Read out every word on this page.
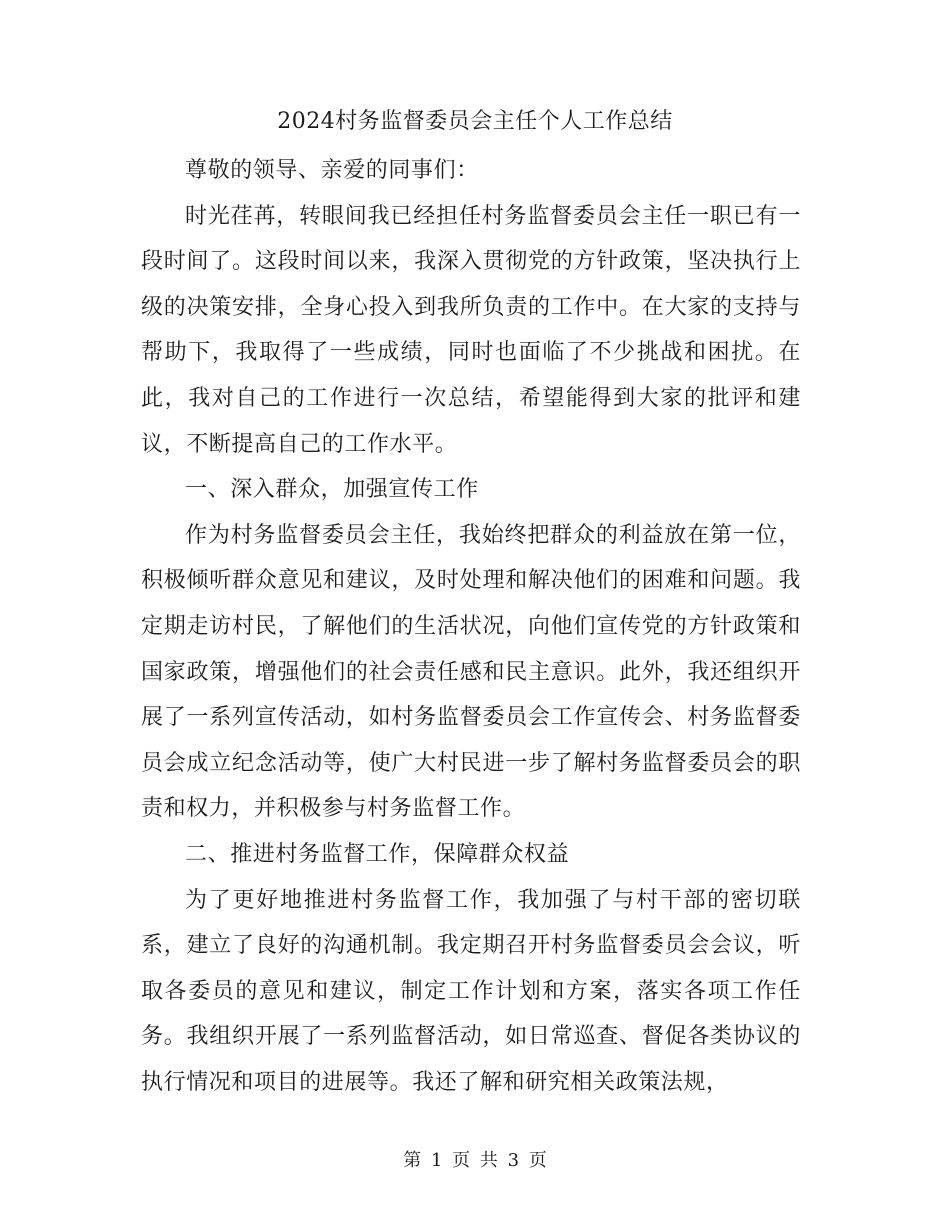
2024村务监督委员会主任个人工作总结

尊敬的领导、亲爱的同事们：

时光荏苒，转眼间我已经担任村务监督委员会主任一职已有一段时间了。这段时间以来，我深入贯彻党的方针政策，坚决执行上级的决策安排，全身心投入到我所负责的工作中。在大家的支持与帮助下，我取得了一些成绩，同时也面临了不少挑战和困扰。在此，我对自己的工作进行一次总结，希望能得到大家的批评和建议，不断提高自己的工作水平。

一、深入群众，加强宣传工作

作为村务监督委员会主任，我始终把群众的利益放在第一位，积极倾听群众意见和建议，及时处理和解决他们的困难和问题。我定期走访村民，了解他们的生活状况，向他们宣传党的方针政策和国家政策，增强他们的社会责任感和民主意识。此外，我还组织开展了一系列宣传活动，如村务监督委员会工作宣传会、村务监督委员会成立纪念活动等，使广大村民进一步了解村务监督委员会的职责和权力，并积极参与村务监督工作。

二、推进村务监督工作，保障群众权益

为了更好地推进村务监督工作，我加强了与村干部的密切联系，建立了良好的沟通机制。我定期召开村务监督委员会会议，听取各委员的意见和建议，制定工作计划和方案，落实各项工作任务。我组织开展了一系列监督活动，如日常巡查、督促各类协议的执行情况和项目的进展等。我还了解和研究相关政策法规，

第 1 页 共 3 页
